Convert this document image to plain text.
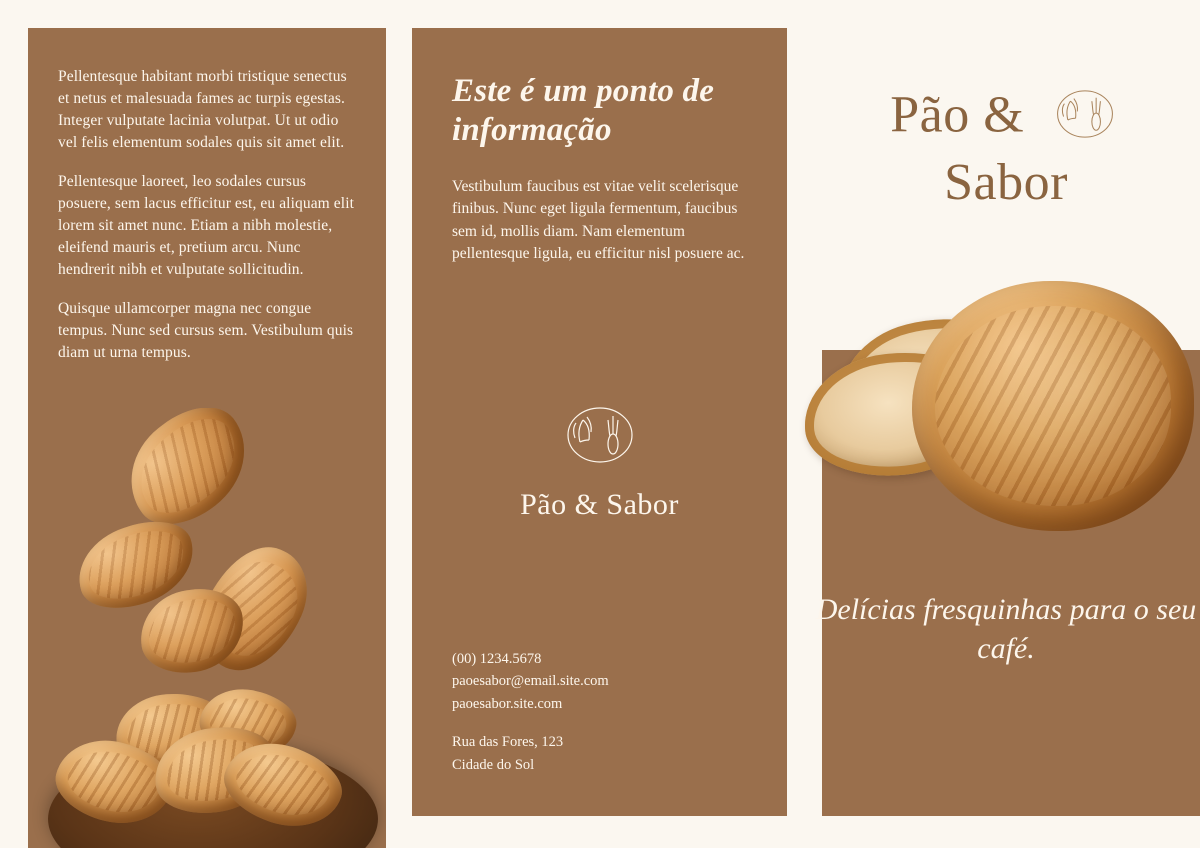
Pellentesque habitant morbi tristique senectus et netus et malesuada fames ac turpis egestas. Integer vulputate lacinia volutpat. Ut ut odio vel felis elementum sodales quis sit amet elit.

Pellentesque laoreet, leo sodales cursus posuere, sem lacus efficitur est, eu aliquam elit lorem sit amet nunc. Etiam a nibh molestie, eleifend mauris et, pretium arcu. Nunc hendrerit nibh et vulputate sollicitudin.

Quisque ullamcorper magna nec congue tempus. Nunc sed cursus sem. Vestibulum quis diam ut urna tempus.

Este é um ponto de informação

Vestibulum faucibus est vitae velit scelerisque finibus. Nunc eget ligula fermentum, faucibus sem id, mollis diam. Nam elementum pellentesque ligula, eu efficitur nisl posuere ac.

Pão & Sabor
(00) 1234.5678
paoesabor@email.site.com
paoesabor.site.com
Rua das Fores, 123
Cidade do Sol
Pão &
Sabor
Delícias fresquinhas para o seu café.
